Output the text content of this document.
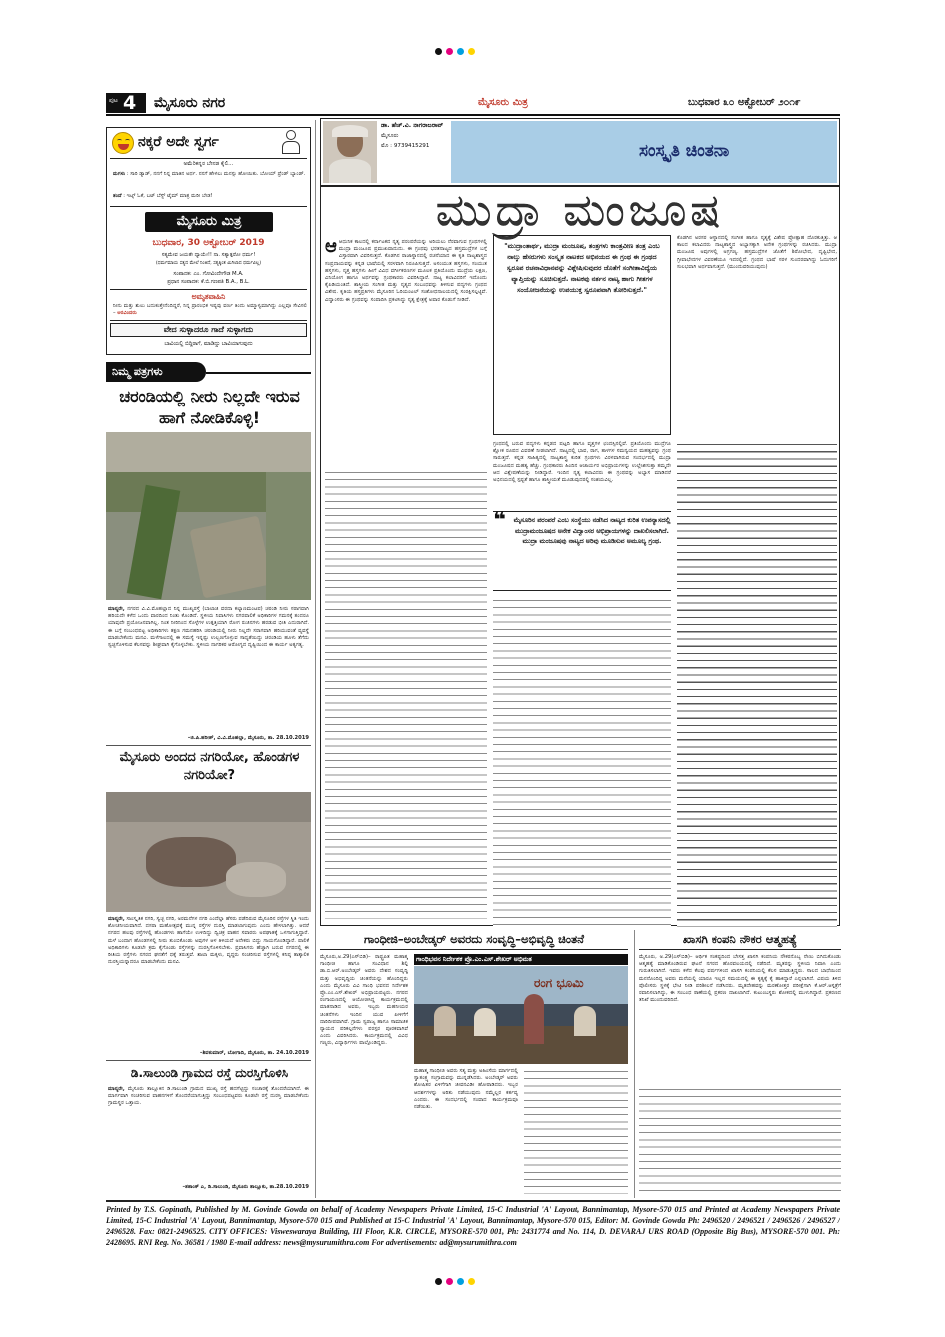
ಪುಟ 4 ಮೈಸೂರು ನಗರ	ಮೈಸೂರು ಮಿತ್ರ	ಬುಧವಾರ ೩೦ ಅಕ್ಟೋಬರ್ ೨೦೧೯
ನಕ್ಕರೆ ಅದೇ ಸ್ವರ್ಗ
ಅಮೆರಿಕನ್ನರ ಬೇನಡ ಕೈಲಿ...
ಮಗಳು : ಸಾರಿ ಡ್ಯಾಡ್, ನನಗೆ ನಿನ್ನ ಮಾತಿನ ಅರ್ಥ. ನನಗೆ ಹೇಳಲು ಮನಸ್ಸು ಹೋಯಿತು. ಬೋಯ್ ಫ್ರೆಂಡ್ ಬ್ಯಾಂಡ್.
ತಂದೆ : ಇಟ್ಸ್ ಓಕೆ, ಬಟ್ ಬೆಸ್ಟ್ ಟೈಮ್ ಮಾತ್ರ ಮರೀ ಬೇಡ!
ಮೈಸೂರು ಮಿತ್ರ
ಬುಧವಾರ, 30 ಅಕ್ಟೋಬರ್ 2019
ಸತ್ಯಮೇವ ಜಯತೇ ಧ್ಯಾಯೇ!! ನಾ. ಸತ್ಯಾತ್ಪರೋ ಧರ್ಮ!
(ಧರ್ಮಮಾಯ ಸತ್ಯದ ಮೇಲೆ ನಿಂತಿದೆ, ಸತ್ಯಕ್ಕಿಂತ ಮಿಗಿಲಾದ ಧರ್ಮವಿಲ್ಲ)
ಸಂಪಾದಕ: ಎಂ. ಗೋವಿಂದೇಗೌಡ M.A.
ಪ್ರಧಾನ ಸಂಪಾದಕ: ಕೆ.ಬಿ.ಗಣಪತಿ B.A., B.L.
ಅಮೃತವಾಹಿನಿ
ನೀನು ಮತ್ತು ಶುಲು ಬದುಕುತ್ತೇನೆಂದಿದ್ದರೆ, ನಿನ್ನ ಪ್ರಾರಂಭಿಕ ಇಷ್ಟವು ವರ್ಣ ತಿಂದು ಅಮ್ಮಾಳ್ವಮಾಗಿದ್ದು ಎಲ್ಲವೂ ಸೇವಿಸಲಿ – ಅರವಿಂದರು
ವೇದ ಸುಳ್ಳಾದರೂ ಗಾದೆ ಸುಳ್ಳಾಗದು
ಬಾವಿಯಲ್ಲಿ ಬಿದ್ದಿರಾಗೆ, ಮಾಡಿದ್ದು ಬಾವಿಯಾಗುವುದು
ನಿಮ್ಮ ಪತ್ರಗಳು
ಚರಂಡಿಯಲ್ಲಿ ನೀರು ನಿಲ್ಲದೇ ಇರುವ ಹಾಗೆ ನೋಡಿಕೊಳ್ಳಿ!
ಮಾನ್ಯರೇ, ನಗರದ ವಿ.ವಿ.ಮೊಹಲ್ಲಾದ ನಿನ್ನ ಮುಖ್ಯರಸ್ತೆ (ಬಾಲಾಜಿ ವರದಾ ಕಲ್ಯಾಣಮಂಟಪ) ಚರಂಡಿ ನೀರು ಸರಾಗವಾಗಿ ಹರಿಯದೇ ಕಳೆದ ಒಂದು ವಾರದಿಂದ ನಿಂತು ಕೊಂಡಿದೆ. ಸ್ಥಳೀಯ ನಿವಾಸಿಗಳು ನಗರಪಾಲಿಕೆ ಅಧಿಕಾರಿಗಳ ಗಮನಕ್ಕೆ ತಂದರೂ ಯಾವುದೇ ಪ್ರಯೋಜನವಾಗಿಲ್ಲ. ನಿಂತ ನೀರಿನಿಂದ ಸೊಳ್ಳೆಗಳ ಉತ್ಪತ್ತಿಯಾಗಿ ರೋಗ ರುಜಿನಗಳು ಹರಡುವ ಭೀತಿ ಎದುರಾಗಿದೆ. ಈ ಬಗ್ಗೆ ಸಂಬಂಧಪಟ್ಟ ಅಧಿಕಾರಿಗಳು ತಕ್ಷಣ ಗಮನಹರಿಸಿ ಚರಂಡಿಯಲ್ಲಿ ನೀರು ನಿಲ್ಲದೇ ಸರಾಗವಾಗಿ ಹರಿಯುವಂತೆ ವ್ಯವಸ್ಥೆ ಮಾಡಬೇಕೆಂದು ಮನವಿ. ಮಳೆಗಾಲದಲ್ಲಿ ಈ ಸಮಸ್ಯೆ ಇನ್ನಷ್ಟು ಉಲ್ಬಣಗೊಳ್ಳುವ ಸಾಧ್ಯತೆಯಿದ್ದು ಚರಂಡಿಯ ಹೂಳು ತೆಗೆದು ಸ್ವಚ್ಛಗೊಳಿಸುವ ಕೆಲಸವನ್ನು ಶೀಘ್ರವಾಗಿ ಕೈಗೊಳ್ಳಬೇಕು. ಸ್ಥಳೀಯ ನಾಗರಿಕರ ಆರೋಗ್ಯದ ದೃಷ್ಟಿಯಿಂದ ಈ ಕಾರ್ಯ ಅತ್ಯಗತ್ಯ.
–ಜಿ.ಪಿ.ಹರೀಶ್, ವಿ.ವಿ.ಮೊಹಲ್ಲಾ, ಮೈಸೂರು, ತಾ. 28.10.2019
ಮೈಸೂರು ಅಂದದ ನಗರಿಯೋ, ಹೊಂಡಗಳ ನಗರಿಯೋ?
ಮಾನ್ಯರೇ, ಸಾಂಸ್ಕೃತಿಕ ನಗರಿ, ಸ್ವಚ್ಛ ನಗರಿ, ಅರಮನೆಗಳ ನಗರಿ ಎಂದೆಲ್ಲಾ ಹೆಸರು ಪಡೆದಿರುವ ಮೈಸೂರಿನ ರಸ್ತೆಗಳ ಸ್ಥಿತಿ ಇಂದು ಶೋಚನೀಯವಾಗಿದೆ. ದಸರಾ ಮಹೋತ್ಸವಕ್ಕೆ ಮುನ್ನ ರಸ್ತೆಗಳ ದುರಸ್ತಿ ಮಾಡಲಾಗುವುದು ಎಂದು ಹೇಳಲಾಗಿತ್ತು. ಆದರೆ ನಗರದ ಹಲವು ರಸ್ತೆಗಳಲ್ಲಿ ಹೊಂಡಗಳು ಹಾಗೆಯೇ ಉಳಿದಿದ್ದು ದ್ವಿಚಕ್ರ ವಾಹನ ಸವಾರರು ಅಪಘಾತಕ್ಕೆ ಒಳಗಾಗುತ್ತಿದ್ದಾರೆ. ಮಳೆ ಬಂದಾಗ ಹೊಂಡಗಳಲ್ಲಿ ನೀರು ತುಂಬಿಕೊಂಡು ಅವುಗಳ ಆಳ ತಿಳಿಯದೆ ಅನೇಕರು ಬಿದ್ದು ಗಾಯಗೊಂಡಿದ್ದಾರೆ. ಪಾಲಿಕೆ ಅಧಿಕಾರಿಗಳು ಕೂಡಲೇ ಕ್ರಮ ಕೈಗೊಂಡು ರಸ್ತೆಗಳನ್ನು ದುರಸ್ತಿಗೊಳಿಸಬೇಕು. ಪ್ರವಾಸಿಗರು ಹೆಚ್ಚಾಗಿ ಬರುವ ನಗರದಲ್ಲಿ ಈ ರೀತಿಯ ರಸ್ತೆಗಳು ನಗರದ ಘನತೆಗೆ ಧಕ್ಕೆ ತರುತ್ತವೆ. ಶಾಲಾ ಮಕ್ಕಳು, ವೃದ್ಧರು ಸಂಚರಿಸುವ ರಸ್ತೆಗಳಲ್ಲಿ ಕನಿಷ್ಠ ತಾತ್ಕಾಲಿಕ ದುರಸ್ತಿಯನ್ನಾದರೂ ಮಾಡಬೇಕೆಂದು ಮನವಿ.
–ಶಿವಕುಮಾರ್, ಬೋಗಾದಿ, ಮೈಸೂರು, ತಾ. 24.10.2019
ಡಿ.ಸಾಲುಂಡಿ ಗ್ರಾಮದ ರಸ್ತೆ ದುರಸ್ತಿಗೊಳಿಸಿ
ಮಾನ್ಯರೇ, ಮೈಸೂರು ತಾಲ್ಲೂಕಿನ ಡಿ.ಸಾಲುಂಡಿ ಗ್ರಾಮದ ಮುಖ್ಯ ರಸ್ತೆ ಹದಗೆಟ್ಟಿದ್ದು ಸಂಚಾರಕ್ಕೆ ತೊಂದರೆಯಾಗಿದೆ. ಈ ಮಾರ್ಗವಾಗಿ ಸಂಚರಿಸುವ ವಾಹನಗಳಿಗೆ ತೊಂದರೆಯಾಗುತ್ತಿದ್ದು ಸಂಬಂಧಪಟ್ಟವರು ಕೂಡಲೇ ರಸ್ತೆ ದುರಸ್ತಿ ಮಾಡಬೇಕೆಂದು ಗ್ರಾಮಸ್ಥರ ಒತ್ತಾಯ.
–ಶಶಾಂಕ್ ಎ, ಡಿ.ಸಾಲುಂಡಿ, ಮೈಸೂರು ತಾಲ್ಲೂಕು, ತಾ.28.10.2019
ಡಾ. ಹೆಚ್.ವಿ. ನಾಗರಾಜರಾವ್
ಮೈಸೂರು
ಮೊ : 9739415291	ಸಂಸ್ಕೃತಿ ಚಿಂತನಾ
ಮುದ್ರಾ ಮಂಜೂಷ
ಆ ಆಧುನಿಕ ಕಾಲದಲ್ಲಿ ಕರ್ನಾಟಕದ ನೃತ್ಯ ಪರಂಪರೆಯನ್ನು ಅರಿಯಲು ನೆರವಾಗುವ ಗ್ರಂಥಗಳಲ್ಲಿ ಮುದ್ರಾ ಮಂಜೂಷ ಪ್ರಮುಖವಾದುದು. ಈ ಗ್ರಂಥವು ಭರತನಾಟ್ಯದ ಹಸ್ತಮುದ್ರೆಗಳ ಬಗ್ಗೆ ವಿಸ್ತಾರವಾಗಿ ವಿವರಿಸುತ್ತದೆ. ಕೊಡಗಿನ ರಾಜಾಸ್ಥಾನದಲ್ಲಿ ರಚನೆಯಾದ ಈ ಕೃತಿ ನಾಟ್ಯಶಾಸ್ತ್ರದ ಸಂಪ್ರದಾಯವನ್ನು ಕನ್ನಡ ಭಾಷೆಯಲ್ಲಿ ಸರಳವಾಗಿ ನಿರೂಪಿಸುತ್ತದೆ. ಅಸಂಯುತ ಹಸ್ತಗಳು, ಸಂಯುತ ಹಸ್ತಗಳು, ನೃತ್ತ ಹಸ್ತಗಳು ಹೀಗೆ ವಿವಿಧ ವರ್ಗೀಕರಣಗಳ ಮೂಲಕ ಪ್ರತಿಯೊಂದು ಮುದ್ರೆಯ ಲಕ್ಷಣ, ವಿನಿಯೋಗ ಹಾಗೂ ಅರ್ಥವನ್ನು ಗ್ರಂಥಕಾರರು ವಿವರಿಸಿದ್ದಾರೆ. ನಾಟ್ಯ ಕಲಾವಿದರಿಗೆ ಇದೊಂದು ಕೈಪಿಡಿಯಂತಿದೆ. ಶಾಸ್ತ್ರೀಯ ಸಂಗೀತ ಮತ್ತು ನೃತ್ಯದ ಸಂಬಂಧವನ್ನು ತಿಳಿಸುವ ಪದ್ಯಗಳು ಗ್ರಂಥದ ವಿಶೇಷ. ಕೃತಿಯ ಹಸ್ತಪ್ರತಿಗಳು ಮೈಸೂರಿನ ಓರಿಯಂಟಲ್ ಸಂಶೋಧನಾಲಯದಲ್ಲಿ ಸಂರಕ್ಷಿಸಲ್ಪಟ್ಟಿವೆ. ವಿದ್ವಾಂಸರು ಈ ಗ್ರಂಥವನ್ನು ಸಂಪಾದಿಸಿ ಪ್ರಕಟಿಸಿದ್ದು ನೃತ್ಯ ಕ್ಷೇತ್ರಕ್ಕೆ ಅಪಾರ ಕೊಡುಗೆ ನೀಡಿದೆ.
"ಮುದ್ರಾಂತಾರ್ಥ, ಮುದ್ರಾ ಮಂಜೂಷ, ತಂತ್ರಗಳು ಕಾಂತ್ರವೀಣ ತಂತ್ರ ಎಂಬ ನಾಲ್ಕು ಹೆಸರುಗಳು ಸಂಸ್ಕೃತ ನಾಟಕದ ಅಭಿನಯದ ಈ ಗ್ರಂಥ ಈ ಗ್ರಂಥದ ಸ್ವರೂಪ ರಚನಾವಿಧಾನವನ್ನು ವಿಶ್ಲೇಷಿಸುವುದರ ಜೊತೆಗೆ ಸಂಗೀತಾವಿದ್ಯೆಯ ವ್ಯಾಪ್ತಿಯನ್ನು ಸೂಚಿಸುತ್ತದೆ. ನಾಟಕವು ನರ್ತನ ನಾಟ್ಯ ಹಾಗು ಗೀತಗಳ ಸಂಯೋಜನೆಯನ್ನು ಉಪಯುಕ್ತ ಸ್ವರೂಪವಾಗಿ ತೋರಿಸುತ್ತದೆ."
ಗ್ರಂಥದಲ್ಲಿ ಬರುವ ಪದ್ಯಗಳು ಕನ್ನಡದ ಷಟ್ಪದಿ ಹಾಗೂ ವೃತ್ತಗಳ ಛಂದಸ್ಸಿನಲ್ಲಿವೆ. ಪ್ರತಿಯೊಂದು ಮುದ್ರೆಗೂ ಶ್ಲೋಕ ರೂಪದ ವಿವರಣೆ ನೀಡಲಾಗಿದೆ. ನಾಟ್ಯದಲ್ಲಿ ಭಾವ, ರಾಗ, ತಾಳಗಳ ಸಮನ್ವಯದ ಮಹತ್ವವನ್ನು ಗ್ರಂಥ ಸಾರುತ್ತದೆ. ಕನ್ನಡ ಸಾಹಿತ್ಯದಲ್ಲಿ ನಾಟ್ಯಶಾಸ್ತ್ರ ಕುರಿತ ಗ್ರಂಥಗಳು ವಿರಳವಾಗಿರುವ ಸಂದರ್ಭದಲ್ಲಿ ಮುದ್ರಾ ಮಂಜೂಷದ ಮಹತ್ವ ಹೆಚ್ಚು. ಗ್ರಂಥಕಾರರು ಹಿಂದಿನ ಆಚಾರ್ಯರ ಅಭಿಪ್ರಾಯಗಳನ್ನು ಉಲ್ಲೇಖಿಸುತ್ತಾ ತಮ್ಮದೇ ಆದ ವಿಶ್ಲೇಷಣೆಯನ್ನು ನೀಡಿದ್ದಾರೆ. ಇಂದಿನ ನೃತ್ಯ ಕಲಾವಿದರು ಈ ಗ್ರಂಥವನ್ನು ಅಭ್ಯಾಸ ಮಾಡಿದರೆ ಅಭಿನಯದಲ್ಲಿ ಸ್ಪಷ್ಟತೆ ಹಾಗೂ ಶಾಸ್ತ್ರೀಯತೆ ಮೂಡುವುದರಲ್ಲಿ ಸಂಶಯವಿಲ್ಲ.
❝ ಮೈಸೂರಿನ ಪರಂಪರೆ ಎಂಬ ಸಂಸ್ಥೆಯು ನಡೆಸಿದ ನಾಟ್ಯದ ಕುರಿತ ಉಪನ್ಯಾಸದಲ್ಲಿ ಮುದ್ರಾಮಂಜೂಷದ ಅನೇಕ ವಿದ್ವಾಂಸರ ಅಭಿಪ್ರಾಯಗಳನ್ನು ದಾಖಲಿಸಲಾಗಿದೆ. ಮುದ್ರಾ ಮಂಜೂಷವು ನಾಟ್ಯದ ಅರಿವು ಮೂಡಿಸುವ ಅಮೂಲ್ಯ ಗ್ರಂಥ.
ಕೊಡಗಿನ ಅರಸರ ಆಸ್ಥಾನದಲ್ಲಿ ಸಂಗೀತ ಹಾಗೂ ನೃತ್ಯಕ್ಕೆ ವಿಶೇಷ ಪ್ರೋತ್ಸಾಹ ದೊರಕುತ್ತಿತ್ತು. ಆ ಕಾಲದ ಕಲಾವಿದರು ನಾಟ್ಯಶಾಸ್ತ್ರದ ಅಭ್ಯಾಸಕ್ಕಾಗಿ ಅನೇಕ ಗ್ರಂಥಗಳನ್ನು ರಚಿಸಿದರು. ಮುದ್ರಾ ಮಂಜೂಷ ಅವುಗಳಲ್ಲಿ ಅಗ್ರಗಣ್ಯ. ಹಸ್ತಮುದ್ರೆಗಳ ಜೊತೆಗೆ ಶಿರೋಭೇದ, ದೃಷ್ಟಿಭೇದ, ಗ್ರೀವಾಭೇದಗಳ ವಿವರಣೆಯೂ ಇದರಲ್ಲಿದೆ. ಗ್ರಂಥದ ಭಾಷೆ ಸರಳ ಸುಂದರವಾಗಿದ್ದು ಓದುಗರಿಗೆ ಸುಲಭವಾಗಿ ಅರ್ಥವಾಗುತ್ತದೆ. (ಮುಂದುವರಿಯುವುದು)
ಗಾಂಧೀಜಿ–ಅಂಬೇಡ್ಕರ್ ಅವರದು ಸಂವೃದ್ಧಿ–ಅಭಿವೃದ್ಧಿ ಚಿಂತನೆ
ಮೈಸೂರು,ಅ.29(ಎಸ್‌ಬಿಡಿ)– ರಾಷ್ಟ್ರಪಿತ ಮಹಾತ್ಮ ಗಾಂಧೀಜಿ ಹಾಗೂ ಸಂವಿಧಾನ ಶಿಲ್ಪಿ ಡಾ.ಬಿ.ಆರ್.ಅಂಬೇಡ್ಕರ್ ಅವರು ದೇಶದ ಸಂವೃದ್ಧಿ ಮತ್ತು ಅಭಿವೃದ್ಧಿಯ ಚಿಂತನೆಯನ್ನು ಹೊಂದಿದ್ದರು ಎಂದು ಮೈಸೂರು ವಿವಿ ಗಾಂಧಿ ಭವನದ ನಿರ್ದೇಶಕ ಪ್ರೊ.ಎಂ.ಎಸ್.ಶೇಖರ್ ಅಭಿಪ್ರಾಯಪಟ್ಟರು. ನಗರದ ರಂಗಾಯಣದಲ್ಲಿ ಆಯೋಜಿಸಿದ್ದ ಕಾರ್ಯಕ್ರಮದಲ್ಲಿ ಮಾತನಾಡಿದ ಅವರು, ಇಬ್ಬರು ಮಹನೀಯರ ಚಿಂತನೆಗಳು ಇಂದಿನ ಯುವ ಪೀಳಿಗೆಗೆ ದಾರಿದೀಪವಾಗಿವೆ. ಗ್ರಾಮ ಸ್ವರಾಜ್ಯ ಹಾಗೂ ಸಾಮಾಜಿಕ ನ್ಯಾಯದ ಪರಿಕಲ್ಪನೆಗಳು ಪರಸ್ಪರ ಪೂರಕವಾಗಿವೆ ಎಂದು ವಿವರಿಸಿದರು. ಕಾರ್ಯಕ್ರಮದಲ್ಲಿ ವಿವಿಧ ಗಣ್ಯರು, ವಿದ್ಯಾರ್ಥಿಗಳು ಪಾಲ್ಗೊಂಡಿದ್ದರು.
ಗಾಂಧಿಭವನ ನಿರ್ದೇಶಕ ಪ್ರೊ.ಎಂ.ಎಸ್.ಶೇಖರ್ ಅಭಿಮತ
ರಂಗ ಭೂಮಿ
ಮಹಾತ್ಮ ಗಾಂಧೀಜಿ ಅವರು ಸತ್ಯ ಮತ್ತು ಅಹಿಂಸೆಯ ಮಾರ್ಗದಲ್ಲಿ ಸ್ವಾತಂತ್ರ್ಯ ಸಂಗ್ರಾಮವನ್ನು ಮುನ್ನಡೆಸಿದರು. ಅಂಬೇಡ್ಕರ್ ಅವರು ಶೋಷಿತರ ಏಳಿಗೆಗಾಗಿ ಜೀವನವಿಡೀ ಹೋರಾಡಿದರು. ಇಬ್ಬರ ಆದರ್ಶಗಳನ್ನು ಅರಿತು ನಡೆಯುವುದು ನಮ್ಮೆಲ್ಲರ ಕರ್ತವ್ಯ ಎಂದರು. ಈ ಸಂದರ್ಭದಲ್ಲಿ ಸಂವಾದ ಕಾರ್ಯಕ್ರಮವೂ ನಡೆಯಿತು.
ಖಾಸಗಿ ಕಂಪನಿ ನೌಕರ ಆತ್ಮಹತ್ಯೆ
ಮೈಸೂರು, ಅ.29(ಎಸ್‌ಬಿಡಿ)– ಆರ್ಥಿಕ ಸಂಕಷ್ಟದಿಂದ ಬೇಸತ್ತ ಖಾಸಗಿ ಕಂಪನಿಯ ನೌಕರನೊಬ್ಬ ನೇಣು ಬಿಗಿದುಕೊಂಡು ಆತ್ಮಹತ್ಯೆ ಮಾಡಿಕೊಂಡಿರುವ ಘಟನೆ ನಗರದ ಹೊರವಲಯದಲ್ಲಿ ನಡೆದಿದೆ. ಮೃತರನ್ನು ಸ್ಥಳೀಯ ನಿವಾಸಿ ಎಂದು ಗುರುತಿಸಲಾಗಿದೆ. ಇವರು ಕಳೆದ ಕೆಲವು ವರ್ಷಗಳಿಂದ ಖಾಸಗಿ ಕಂಪನಿಯಲ್ಲಿ ಕೆಲಸ ಮಾಡುತ್ತಿದ್ದರು. ಸಾಲದ ಬಾಧೆಯಿಂದ ಮನನೊಂದಿದ್ದ ಅವರು ಮನೆಯಲ್ಲಿ ಯಾರೂ ಇಲ್ಲದ ಸಮಯದಲ್ಲಿ ಈ ಕೃತ್ಯಕ್ಕೆ ಕೈ ಹಾಕಿದ್ದಾರೆ ಎನ್ನಲಾಗಿದೆ. ವಿಷಯ ತಿಳಿದ ಪೊಲೀಸರು ಸ್ಥಳಕ್ಕೆ ಭೇಟಿ ನೀಡಿ ಪರಿಶೀಲನೆ ನಡೆಸಿದರು. ಮೃತದೇಹವನ್ನು ಮರಣೋತ್ತರ ಪರೀಕ್ಷೆಗಾಗಿ ಕೆ.ಆರ್.ಆಸ್ಪತ್ರೆಗೆ ರವಾನಿಸಲಾಗಿದ್ದು, ಈ ಸಂಬಂಧ ಠಾಣೆಯಲ್ಲಿ ಪ್ರಕರಣ ದಾಖಲಾಗಿದೆ. ಕುಟುಂಬಸ್ಥರು ಶೋಕದಲ್ಲಿ ಮುಳುಗಿದ್ದಾರೆ. ಪ್ರಕರಣದ ತನಿಖೆ ಮುಂದುವರಿದಿದೆ.
Printed by T.S. Gopinath, Published by M. Govinde Gowda on behalf of Academy Newspapers Private Limited, 15-C Industrial 'A' Layout, Bannimantap, Mysore-570 015 and Printed at Academy Newspapers Private Limited, 15-C Industrial 'A' Layout, Bannimantap, Mysore-570 015 and Published at 15-C Industrial 'A' Layout, Bannimantap, Mysore-570 015, Editor: M. Govinde Gowda Ph: 2496520 / 2496521 / 2496526 / 2496527 / 2496528. Fax: 0821-2496525. CITY OFFICES: Visweswaraya Building, III Floor, K.R. CIRCLE, MYSORE-570 001, Ph: 2431774 and No. 114, D. DEVARAJ URS ROAD (Opposite Big Bus), MYSORE-570 001. Ph: 2428695. RNI Reg. No. 36581 / 1980 E-mail address: news@mysurumithra.com For advertisements: ad@mysurumithra.com
